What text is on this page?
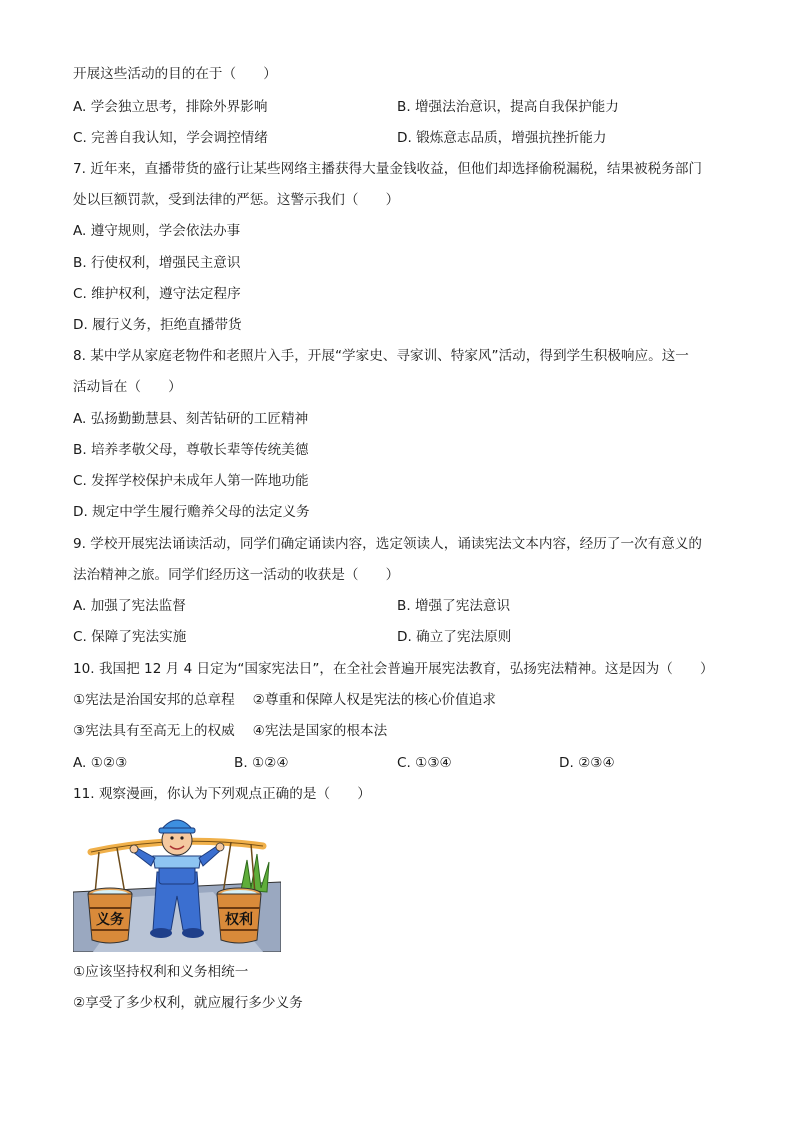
开展这些活动的目的在于（　　）
A. 学会独立思考，排除外界影响	B. 增强法治意识，提高自我保护能力
C. 完善自我认知，学会调控情绪	D. 锻炼意志品质，增强抗挫折能力
7. 近年来，直播带货的盛行让某些网络主播获得大量金钱收益，但他们却选择偷税漏税，结果被税务部门
处以巨额罚款，受到法律的严惩。这警示我们（　　）
A. 遵守规则，学会依法办事
B. 行使权利，增强民主意识
C. 维护权利，遵守法定程序
D. 履行义务，拒绝直播带货
8. 某中学从家庭老物件和老照片入手，开展“学家史、寻家训、特家风”活动，得到学生积极响应。这一
活动旨在（　　）
A. 弘扬勤勤慧县、刻苦钻研的工匠精神
B. 培养孝敬父母，尊敬长辈等传统美德
C. 发挥学校保护未成年人第一阵地功能
D. 规定中学生履行赡养父母的法定义务
9. 学校开展宪法诵读活动，同学们确定诵读内容，选定领读人，诵读宪法文本内容，经历了一次有意义的
法治精神之旅。同学们经历这一活动的收获是（　　）
A. 加强了宪法监督	B. 增强了宪法意识
C. 保障了宪法实施	D. 确立了宪法原则
10. 我国把 12 月 4 日定为“国家宪法日”，在全社会普遍开展宪法教育，弘扬宪法精神。这是因为（　　）
①宪法是治国安邦的总章程　 ②尊重和保障人权是宪法的核心价值追求
③宪法具有至高无上的权威　 ④宪法是国家的根本法
A. ①②③	B. ①②④	C. ①③④	D. ②③④
11. 观察漫画，你认为下列观点正确的是（　　）
义务	权利
①应该坚持权利和义务相统一
②享受了多少权利，就应履行多少义务
